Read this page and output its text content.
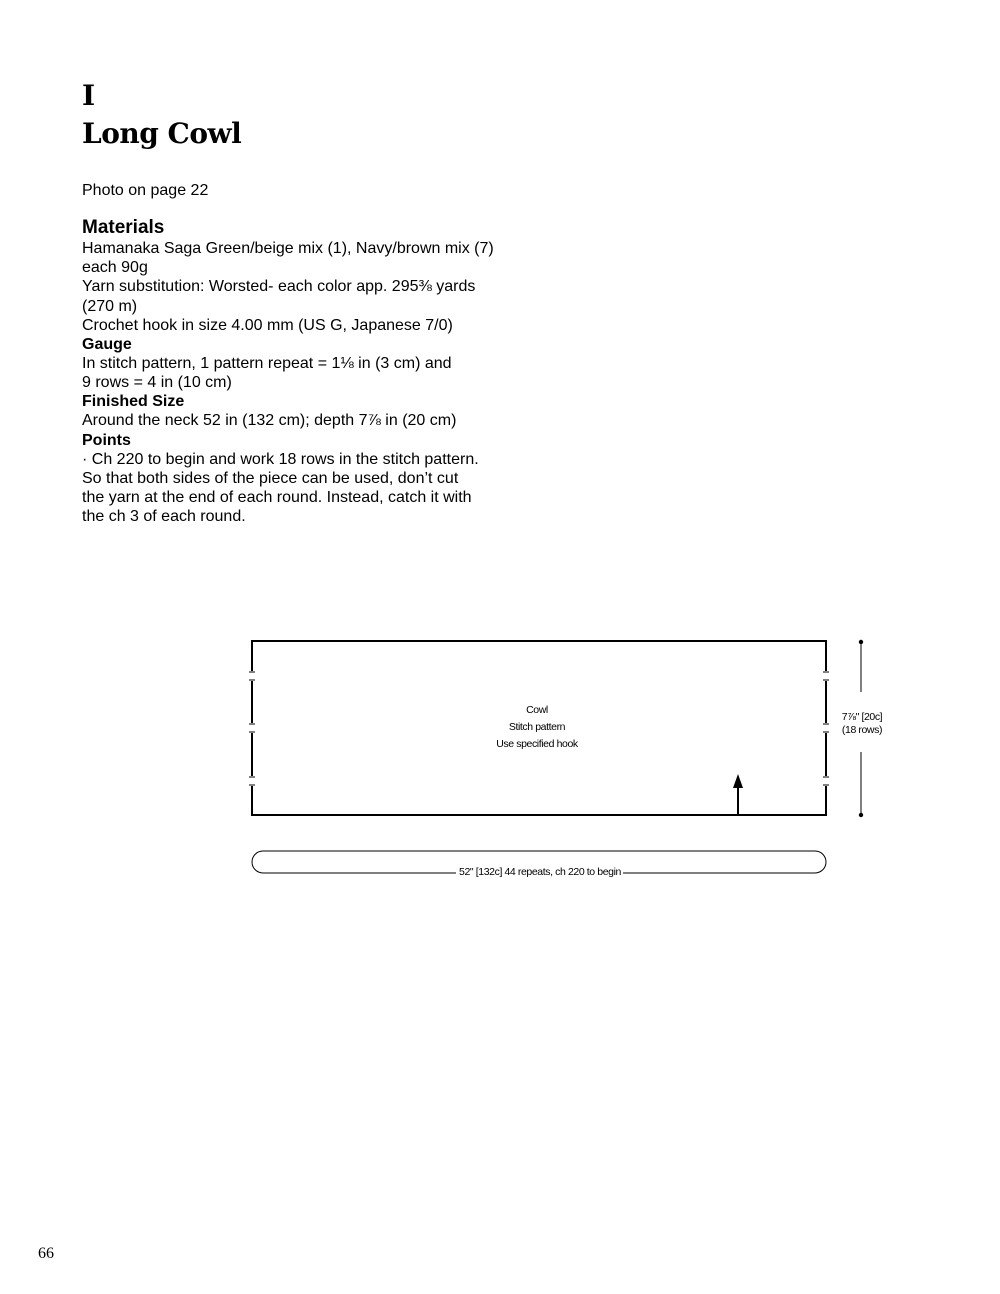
I
Long Cowl
Photo on page 22
Materials

Hamanaka Saga Green/beige mix (1), Navy/brown mix (7)

each 90g

Yarn substitution: Worsted- each color app. 295⅜ yards

(270 m)

Crochet hook in size 4.00 mm (US G, Japanese 7/0)

Gauge

In stitch pattern, 1 pattern repeat = 1⅛ in (3 cm) and

9 rows = 4 in (10 cm)

Finished Size

Around the neck 52 in (132 cm); depth 7⅞ in (20 cm)

Points

· Ch 220 to begin and work 18 rows in the stitch pattern.

So that both sides of the piece can be used, don’t cut

the yarn at the end of each round. Instead, catch it with

the ch 3 of each round.

Cowl
Stitch pattern
Use specified hook
7⅞" [20c]
(18 rows)
52" [132c] 44 repeats, ch 220 to begin
66
